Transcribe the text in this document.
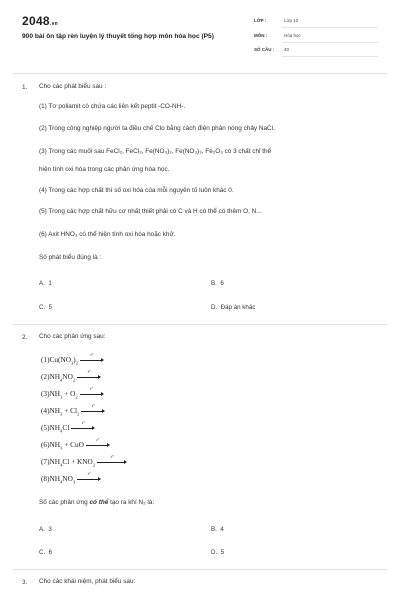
2048.vn
900 bài ôn tập rèn luyện lý thuyết tổng hợp môn hóa học (P5)
LỚP :	Lớp 12
MÔN :	Hóa học
SỐ CÂU : 40
1. Cho các phát biểu sau :
(1) Tơ poliamit có chứa các liên kết peptit -CO-NH-.
(2) Trong công nghiệp người ta điều chế Clo bằng cách điện phân nóng chảy NaCl.
(3) Trong các muối sau FeCl₂, FeCl₃, Fe(NO₃)₂, Fe(NO₃)₃, Fe₂O₃ có 3 chất chỉ thể
hiện tính oxi hóa trong các phản ứng hóa học.
(4) Trong các hợp chất thì số oxi hóa của mỗi nguyên tố luôn khác 0.
(5) Trong các hợp chất hữu cơ nhất thiết phải có C và H có thể có thêm O, N...
(6) Axit HNO₃ có thể hiện tính oxi hóa hoặc khử.
Số phát biểu đúng là :
A. 1	B. 6
C. 5	D. Đáp án khác
2. Cho các phản ứng sau:
$(1)Cu(NO_3)_2$
t°
$(2)NH_4NO_2$
t°
$(3)NH_3 + O_2$
t°
$(4)NH_3 + Cl_2$
t°
$(5)NH_4Cl$
t°
$(6)NH_3$ + CuO
t°
$(7)NH_4Cl + KNO_2$
t°
$(8)NH_4NO_3$
t°
Số các phản ứng có thể tạo ra khí N₂ là:
A. 3	B. 4
C. 6	D. 5
3. Cho các khái niệm, phát biểu sau:
